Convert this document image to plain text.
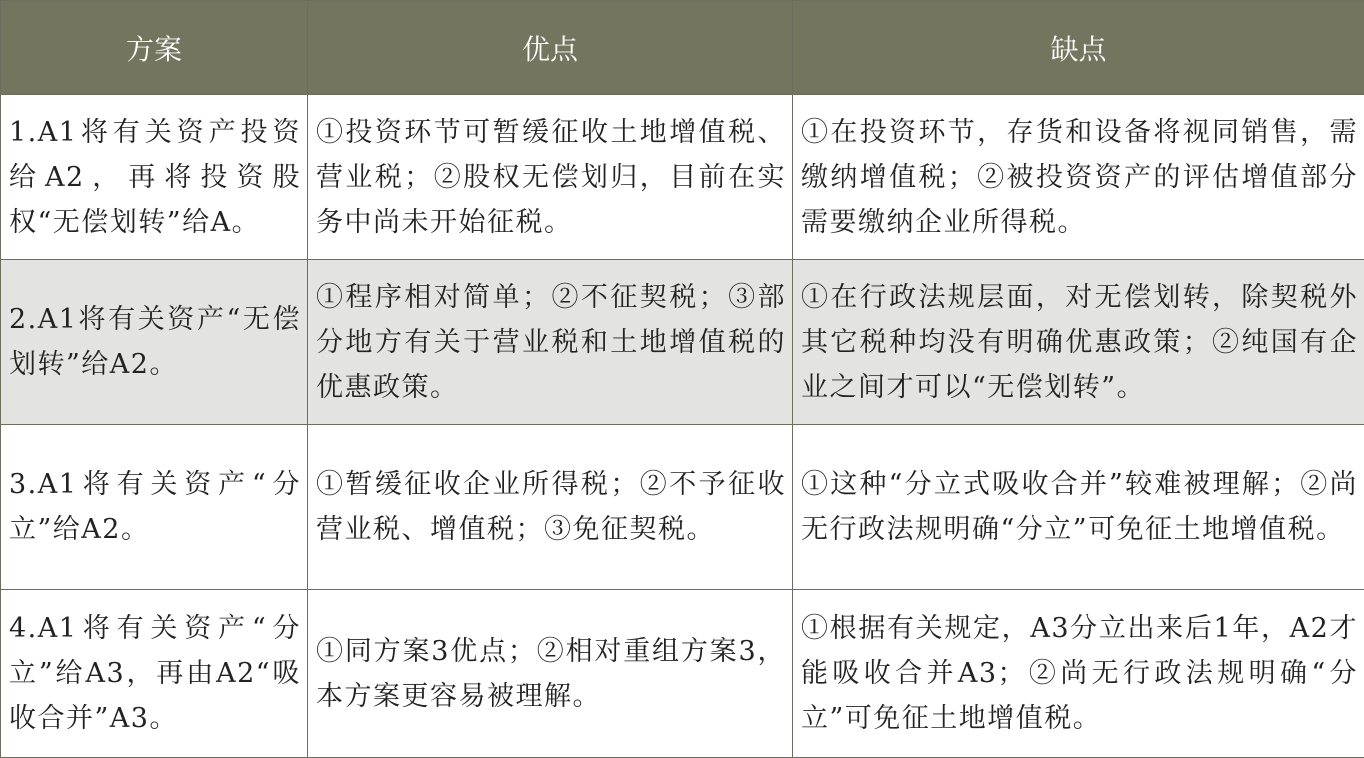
方案	优点	缺点
1.A1将有关资产投资给A2，再将投资股权“无偿划转”给A。	①投资环节可暂缓征收土地增值税、营业税；②股权无偿划归，目前在实务中尚未开始征税。	①在投资环节，存货和设备将视同销售，需缴纳增值税；②被投资资产的评估增值部分需要缴纳企业所得税。
2.A1将有关资产“无偿划转”给A2。	①程序相对简单；②不征契税；③部分地方有关于营业税和土地增值税的优惠政策。	①在行政法规层面，对无偿划转，除契税外其它税种均没有明确优惠政策；②纯国有企业之间才可以“无偿划转”。
3.A1将有关资产“分立”给A2。	①暂缓征收企业所得税；②不予征收营业税、增值税；③免征契税。	①这种“分立式吸收合并”较难被理解；②尚无行政法规明确“分立”可免征土地增值税。
4.A1将有关资产“分立”给A3，再由A2“吸收合并”A3。	①同方案3优点；②相对重组方案3，本方案更容易被理解。	①根据有关规定，A3分立出来后1年，A2才能吸收合并A3；②尚无行政法规明确“分立”可免征土地增值税。
